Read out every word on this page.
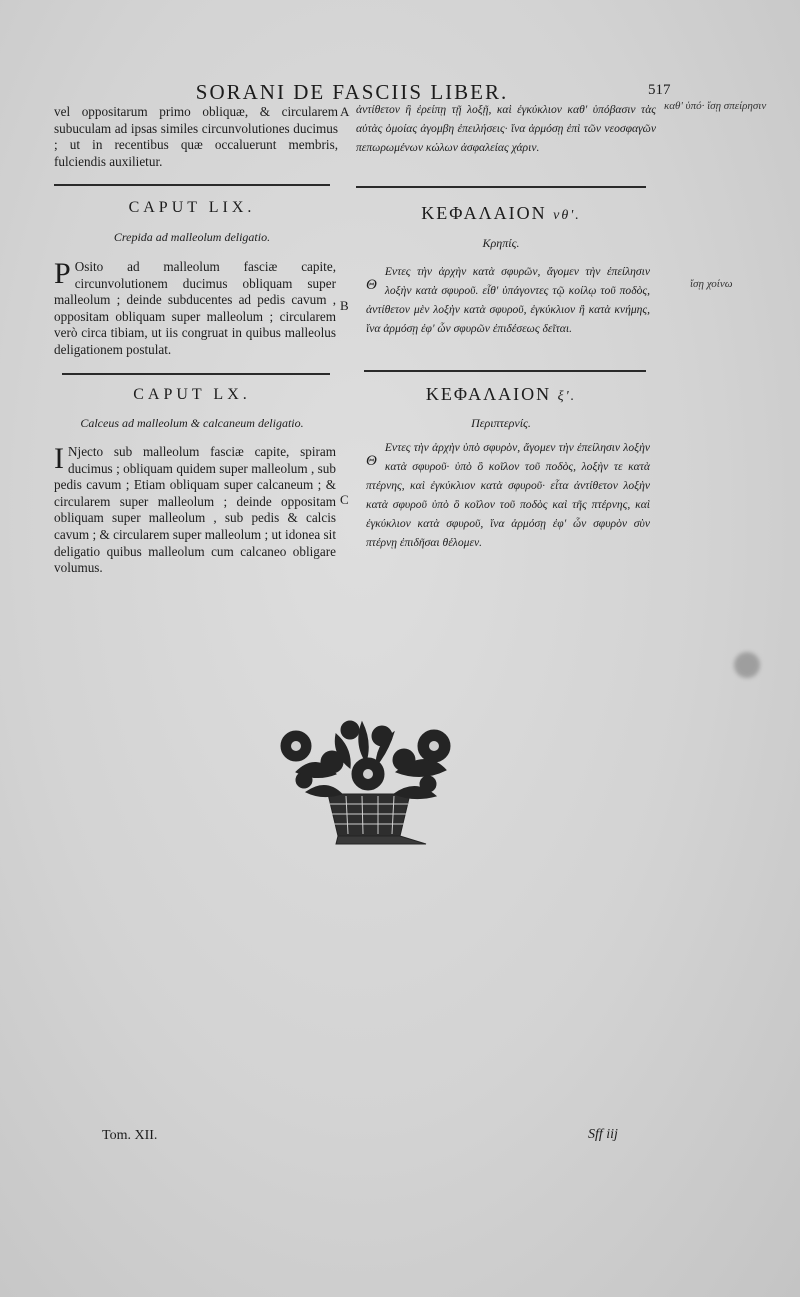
SORANI DE FASCIIS LIBER.	517
καθ' ὑπό· ἴσῃ σπείρησιν
ἴσῃ χοίνω
A
B
C
vel oppositarum primo obliquæ, & circularem subuculam ad ipsas similes circunvolutiones ducimus ; ut in recentibus quæ occaluerunt membris, fulciendis auxilietur.
CAPUT LIX.
Crepida ad malleolum deligatio.
P Osito ad malleolum fasciæ capite, circunvolutionem ducimus obliquam super malleolum ; deinde subducentes ad pedis cavum , oppositam obliquam super malleolum ; circularem verò circa tibiam, ut iis congruat in quibus malleolus deligationem postulat.
CAPUT LX.
Calceus ad malleolum & calcaneum deligatio.
I Njecto sub malleolum fasciæ capite, spiram ducimus ; obliquam quidem super malleolum , sub pedis cavum ; Etiam obliquam super calcaneum ; & circularem super malleolum ; deinde oppositam obliquam super malleolum , sub pedis & calcis cavum ; & circularem super malleolum ; ut idonea sit deligatio quibus malleolum cum calcaneo obligare volumus.
ἀντίθετον ἢ ἐρείπῃ τῇ λοξῇ, καὶ ἐγκύκλιον καθ' ὑπόβασιν τὰς αὐτὰς ὁμοίας ἀγομβη ἐπειλήσεις· ἵνα ἁρμόσῃ ἐπὶ τῶν νεοσφαγῶν πεπωρωμένων κώλων ἀσφαλείας χάριν.
ΚΕΦΑΛΑΙΟΝ νθ'.
Κρηπίς.
Θ
Εντες τὴν ἀρχὴν κατὰ σφυρῶν, ἄγομεν τὴν ἐπείλησιν λοξὴν κατὰ σφυροῦ. εἶθ' ὑπάγοντες τῷ κοίλῳ τοῦ ποδὸς, ἀντίθετον μὲν λοξὴν κατὰ σφυροῦ, ἐγκύκλιον ἢ κατὰ κνήμης, ἵνα ἁρμόσῃ ἐφ' ὧν σφυρῶν ἐπιδέσεως δεῖται.
ΚΕΦΑΛΑΙΟΝ ξ'.
Περιπτερνίς.
Θ
Εντες τὴν ἀρχὴν ὑπὸ σφυρὸν, ἄγομεν τὴν ἐπείλησιν λοξὴν κατὰ σφυροῦ· ὑπὸ ὃ κοῖλον τοῦ ποδὸς, λοξὴν τε κατὰ πτέρνης, καὶ ἐγκύκλιον κατὰ σφυροῦ· εἶτα ἀντίθετον λοξὴν κατὰ σφυροῦ ὑπὸ ὃ κοῖλον τοῦ ποδὸς καὶ τῆς πτέρνης, καὶ ἐγκύκλιον κατὰ σφυροῦ, ἵνα ἁρμόσῃ ἐφ' ὧν σφυρὸν σὺν πτέρνῃ ἐπιδῆσαι θέλομεν.
Tom. XII.	Sff iij
